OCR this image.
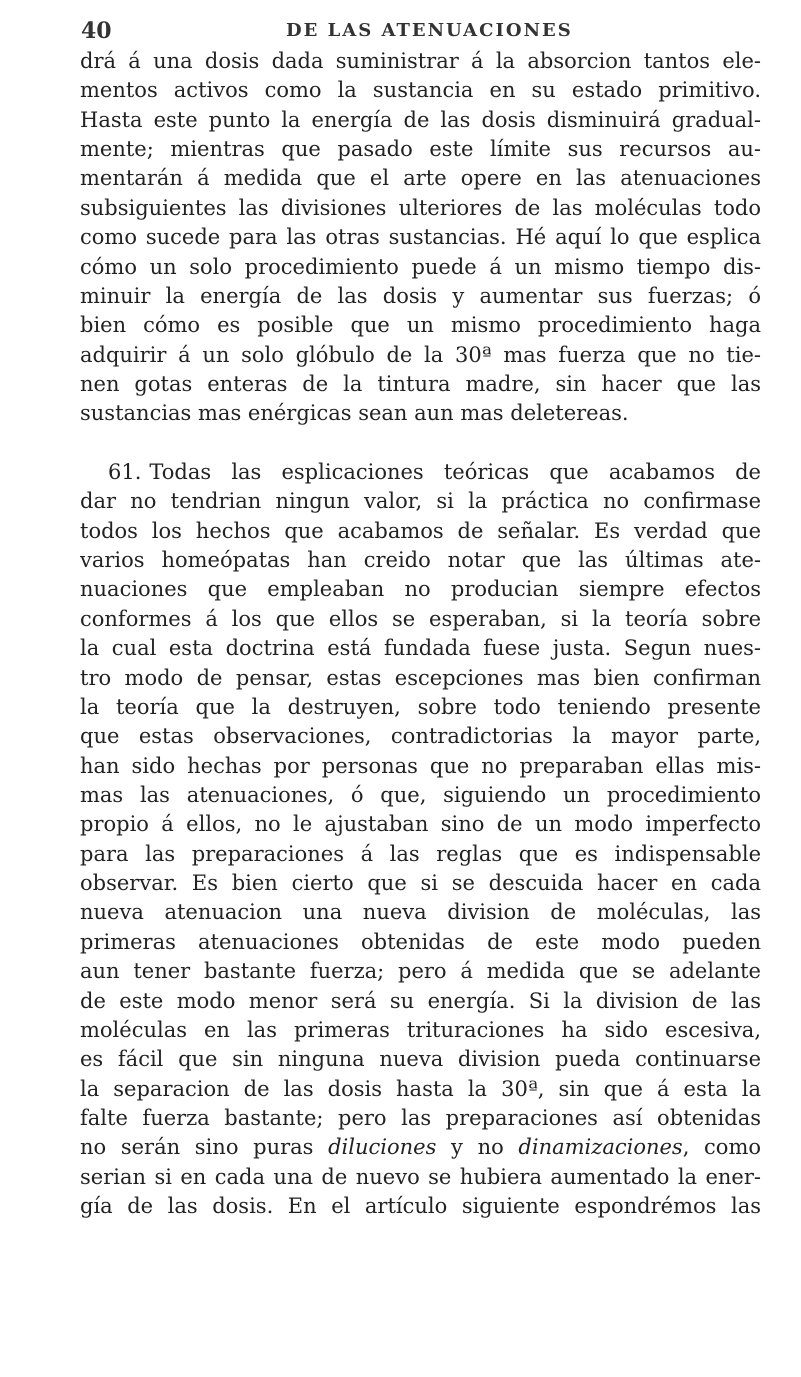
40	DE LAS ATENUACIONES
drá á una dosis dada suministrar á la absorcion tantos ele-
mentos activos como la sustancia en su estado primitivo.
Hasta este punto la energía de las dosis disminuirá gradual-
mente; mientras que pasado este límite sus recursos au-
mentarán á medida que el arte opere en las atenuaciones
subsiguientes las divisiones ulteriores de las moléculas todo
como sucede para las otras sustancias. Hé aquí lo que esplica
cómo un solo procedimiento puede á un mismo tiempo dis-
minuir la energía de las dosis y aumentar sus fuerzas; ó
bien cómo es posible que un mismo procedimiento haga
adquirir á un solo glóbulo de la 30ª mas fuerza que no tie-
nen gotas enteras de la tintura madre, sin hacer que las
sustancias mas enérgicas sean aun mas deletereas.
61. Todas las esplicaciones teóricas que acabamos de
dar no tendrian ningun valor, si la práctica no confirmase
todos los hechos que acabamos de señalar. Es verdad que
varios homeópatas han creido notar que las últimas ate-
nuaciones que empleaban no producian siempre efectos
conformes á los que ellos se esperaban, si la teoría sobre
la cual esta doctrina está fundada fuese justa. Segun nues-
tro modo de pensar, estas escepciones mas bien confirman
la teoría que la destruyen, sobre todo teniendo presente
que estas observaciones, contradictorias la mayor parte,
han sido hechas por personas que no preparaban ellas mis-
mas las atenuaciones, ó que, siguiendo un procedimiento
propio á ellos, no le ajustaban sino de un modo imperfecto
para las preparaciones á las reglas que es indispensable
observar. Es bien cierto que si se descuida hacer en cada
nueva atenuacion una nueva division de moléculas, las
primeras atenuaciones obtenidas de este modo pueden
aun tener bastante fuerza; pero á medida que se adelante
de este modo menor será su energía. Si la division de las
moléculas en las primeras trituraciones ha sido escesiva,
es fácil que sin ninguna nueva division pueda continuarse
la separacion de las dosis hasta la 30ª, sin que á esta la
falte fuerza bastante; pero las preparaciones así obtenidas
no serán sino puras diluciones y no dinamizaciones, como
serian si en cada una de nuevo se hubiera aumentado la ener-
gía de las dosis. En el artículo siguiente espondrémos las
